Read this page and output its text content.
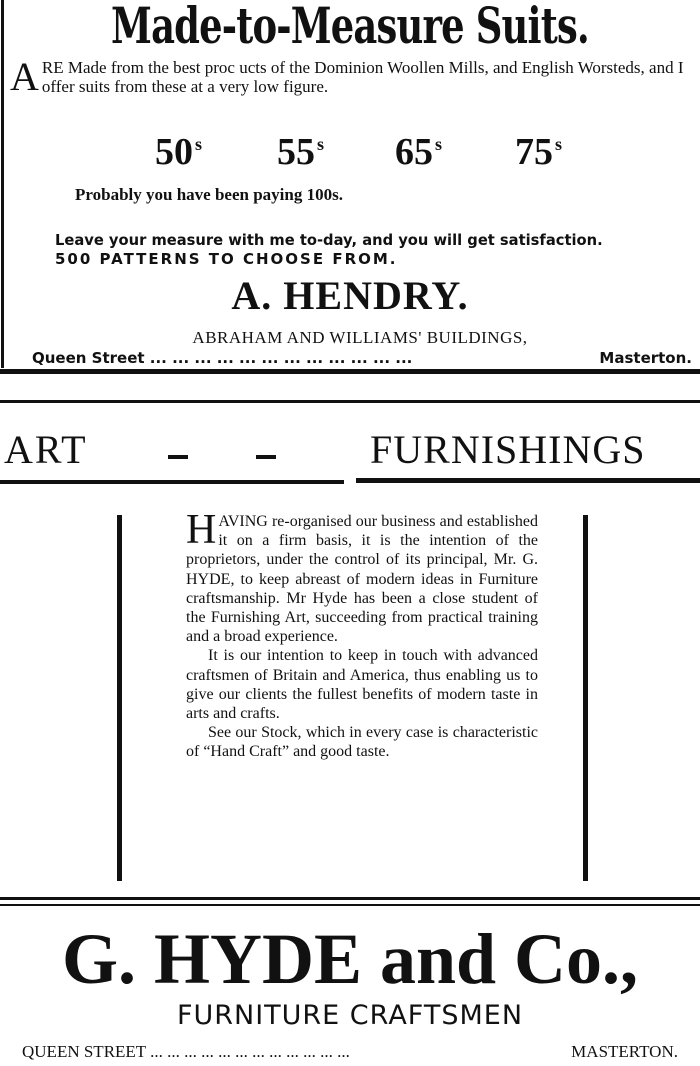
Made-to-Measure Suits.
A RE Made from the best proc ucts of the Dominion Woollen Mills, and English Worsteds, and I offer suits from these at a very low figure.
50 $^s$ 55 $^s$ 65 $^s$ 75 $^s$
Probably you have been paying 100s.
Leave your measure with me to-day, and you will get satisfaction.
500 PATTERNS TO CHOOSE FROM.
A. HENDRY.
ABRAHAM AND WILLIAMS' BUILDINGS,
Queen Street ... ... ... ... ... ... ... ... ... ... ... ...	Masterton.
ART	FURNISHINGS

HAVING re-organised our business and established it on a firm basis, it is the intention of the proprietors, under the control of its principal, Mr. G. HYDE, to keep abreast of modern ideas in Furniture craftsmanship. Mr Hyde has been a close student of the Furnishing Art, succeeding from practical training and a broad experience.

It is our intention to keep in touch with advanced craftsmen of Britain and America, thus enabling us to give our clients the fullest benefits of modern taste in arts and crafts.

See our Stock, which in every case is characteristic of “Hand Craft” and good taste.

G. HYDE and Co.,
FURNITURE CRAFTSMEN
QUEEN STREET ... ... ... ... ... ... ... ... ... ... ... ...	MASTERTON.
